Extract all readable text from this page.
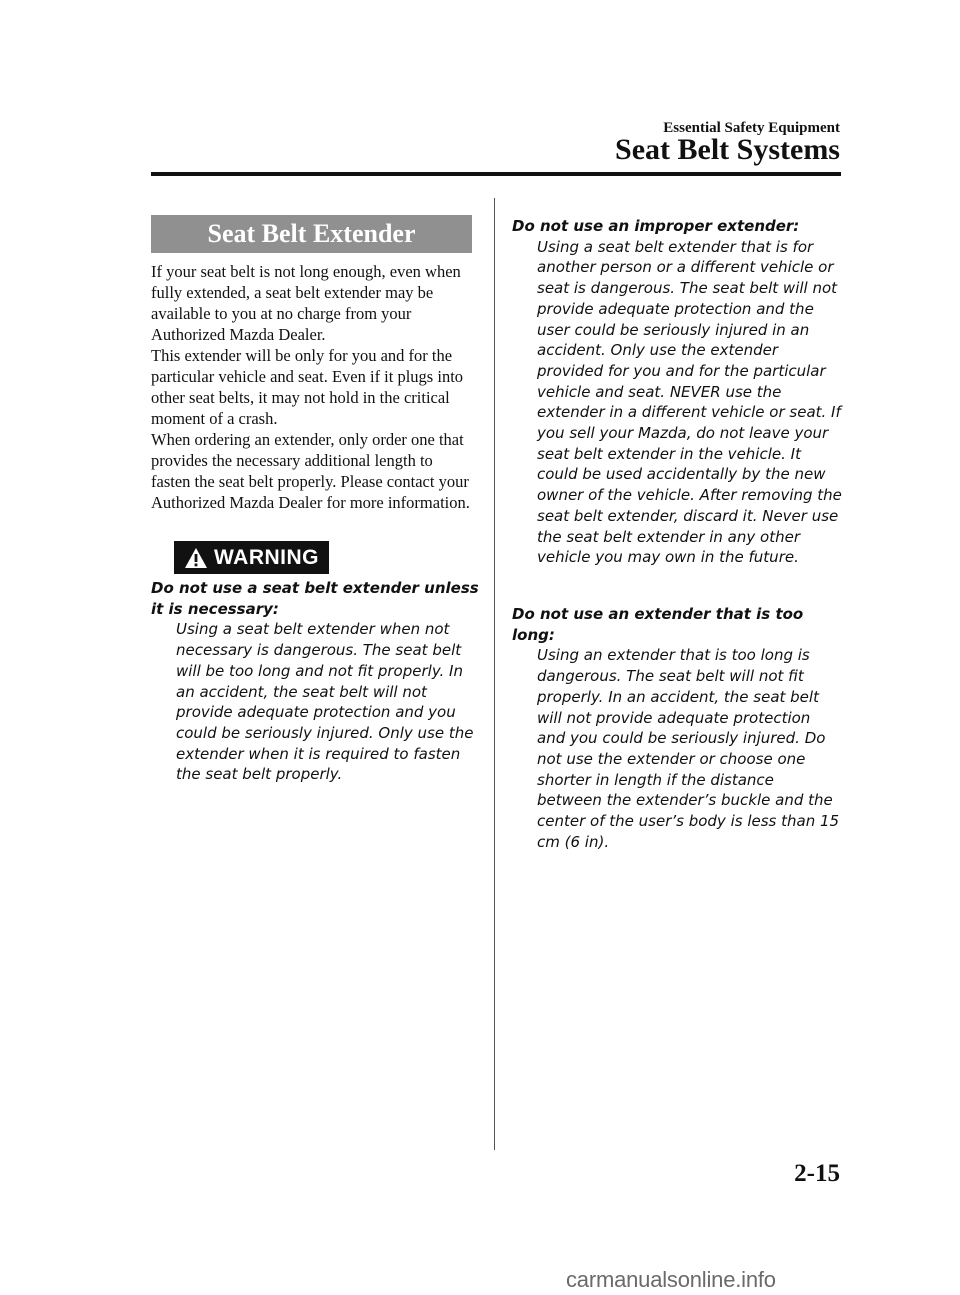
Essential Safety Equipment
Seat Belt Systems
Seat Belt Extender

If your seat belt is not long enough, even when fully extended, a seat belt extender may be available to you at no charge from your Authorized Mazda Dealer.

This extender will be only for you and for the particular vehicle and seat. Even if it plugs into other seat belts, it may not hold in the critical moment of a crash.

When ordering an extender, only order one that provides the necessary additional length to fasten the seat belt properly. Please contact your Authorized Mazda Dealer for more information.

WARNING
Do not use a seat belt extender unless it is necessary:
Using a seat belt extender when not necessary is dangerous. The seat belt will be too long and not fit properly. In an accident, the seat belt will not provide adequate protection and you could be seriously injured. Only use the extender when it is required to fasten the seat belt properly.
Do not use an improper extender:
Using a seat belt extender that is for another person or a different vehicle or seat is dangerous. The seat belt will not provide adequate protection and the user could be seriously injured in an accident. Only use the extender provided for you and for the particular vehicle and seat. NEVER use the extender in a different vehicle or seat. If you sell your Mazda, do not leave your seat belt extender in the vehicle. It could be used accidentally by the new owner of the vehicle. After removing the seat belt extender, discard it. Never use the seat belt extender in any other vehicle you may own in the future.
Do not use an extender that is too long:
Using an extender that is too long is dangerous. The seat belt will not fit properly. In an accident, the seat belt will not provide adequate protection and you could be seriously injured. Do not use the extender or choose one shorter in length if the distance between the extender’s buckle and the center of the user’s body is less than 15 cm (6 in).
2-15
carmanualsonline.info
